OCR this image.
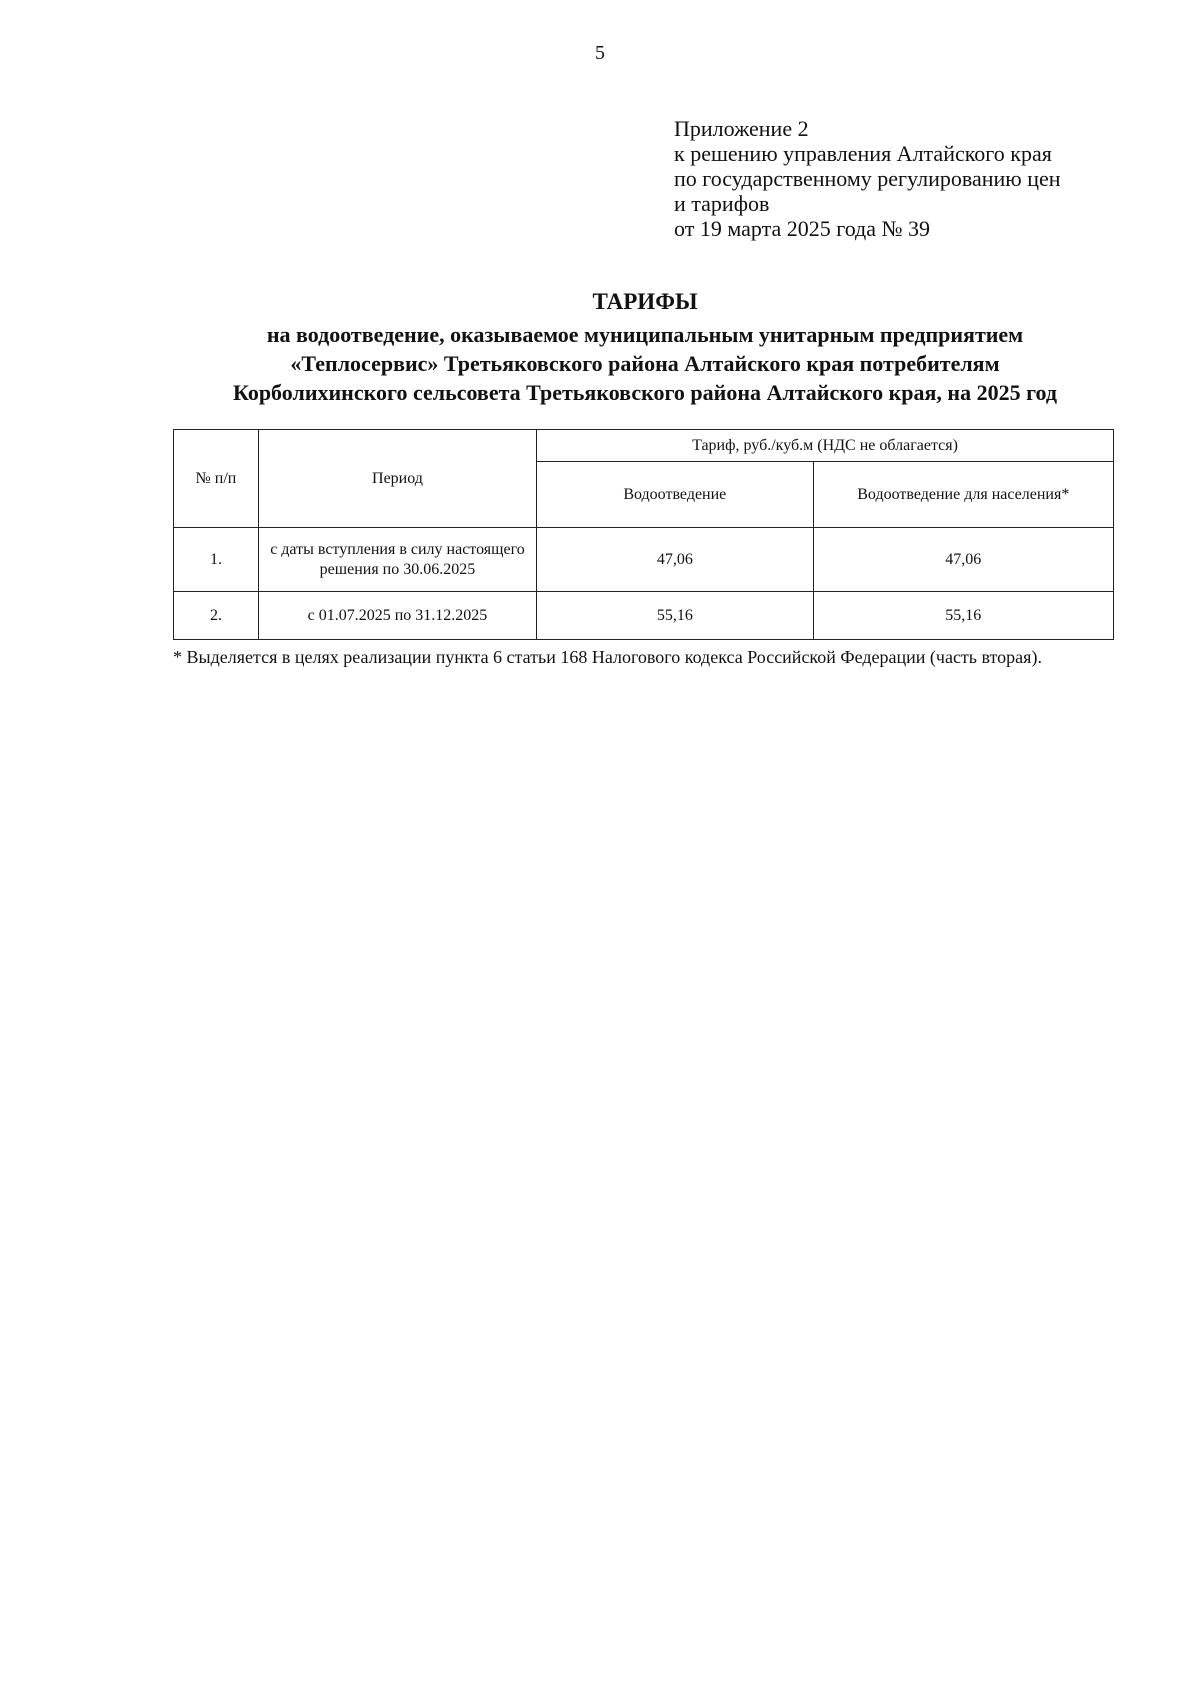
5
Приложение 2
к решению управления Алтайского края
по государственному регулированию цен
и тарифов
от 19 марта 2025 года № 39
ТАРИФЫ
на водоотведение, оказываемое муниципальным унитарным предприятием
«Теплосервис» Третьяковского района Алтайского края потребителям
Корболихинского сельсовета Третьяковского района Алтайского края, на 2025 год
№ п/п	Период	Тариф, руб./куб.м (НДС не облагается)	
		Водоотведение	Водоотведение для населения*
1.	с даты вступления в силу настоящего решения по 30.06.2025	47,06	47,06
2.	с 01.07.2025 по 31.12.2025	55,16	55,16
* Выделяется в целях реализации пункта 6 статьи 168 Налогового кодекса Российской Федерации (часть вторая).
